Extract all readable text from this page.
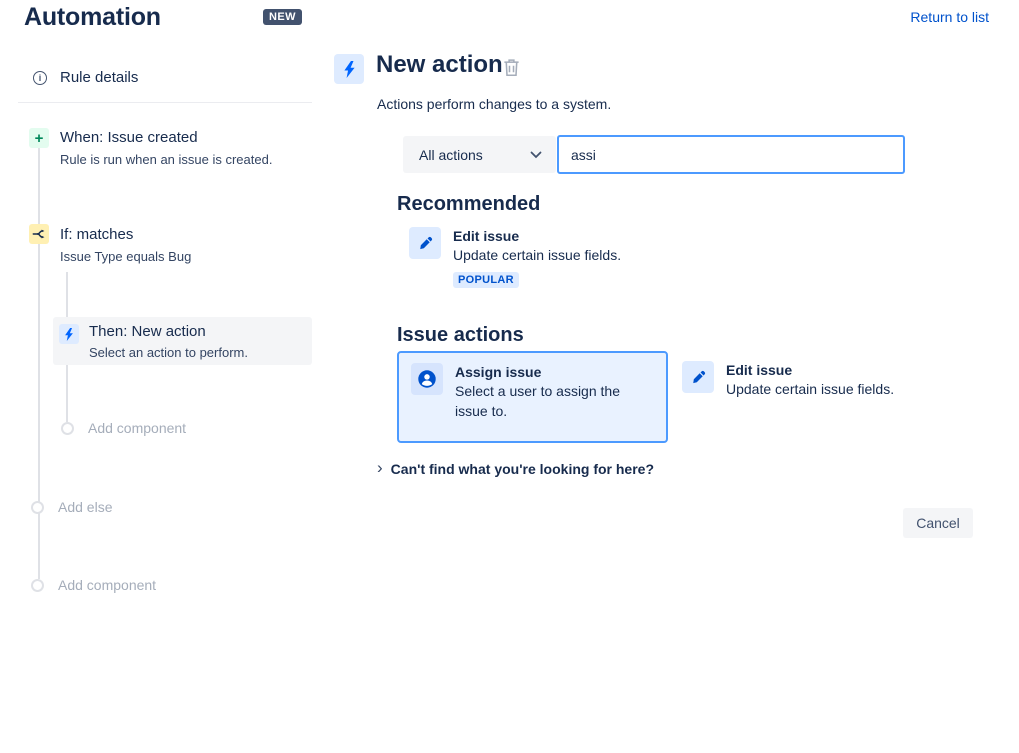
Automation	NEW	Return to list
i	Rule details
+	When: Issue created
Rule is run when an issue is created.
If: matches
Issue Type equals Bug
Then: New action
Select an action to perform.
Add component
Add else
Add component
New action
Actions perform changes to a system.
All actions
assi
Recommended
Edit issue
Update certain issue fields.
POPULAR
Issue actions
Assign issue
Select a user to assign the issue to.
Edit issue
Update certain issue fields.
› Can't find what you're looking for here?
Cancel
